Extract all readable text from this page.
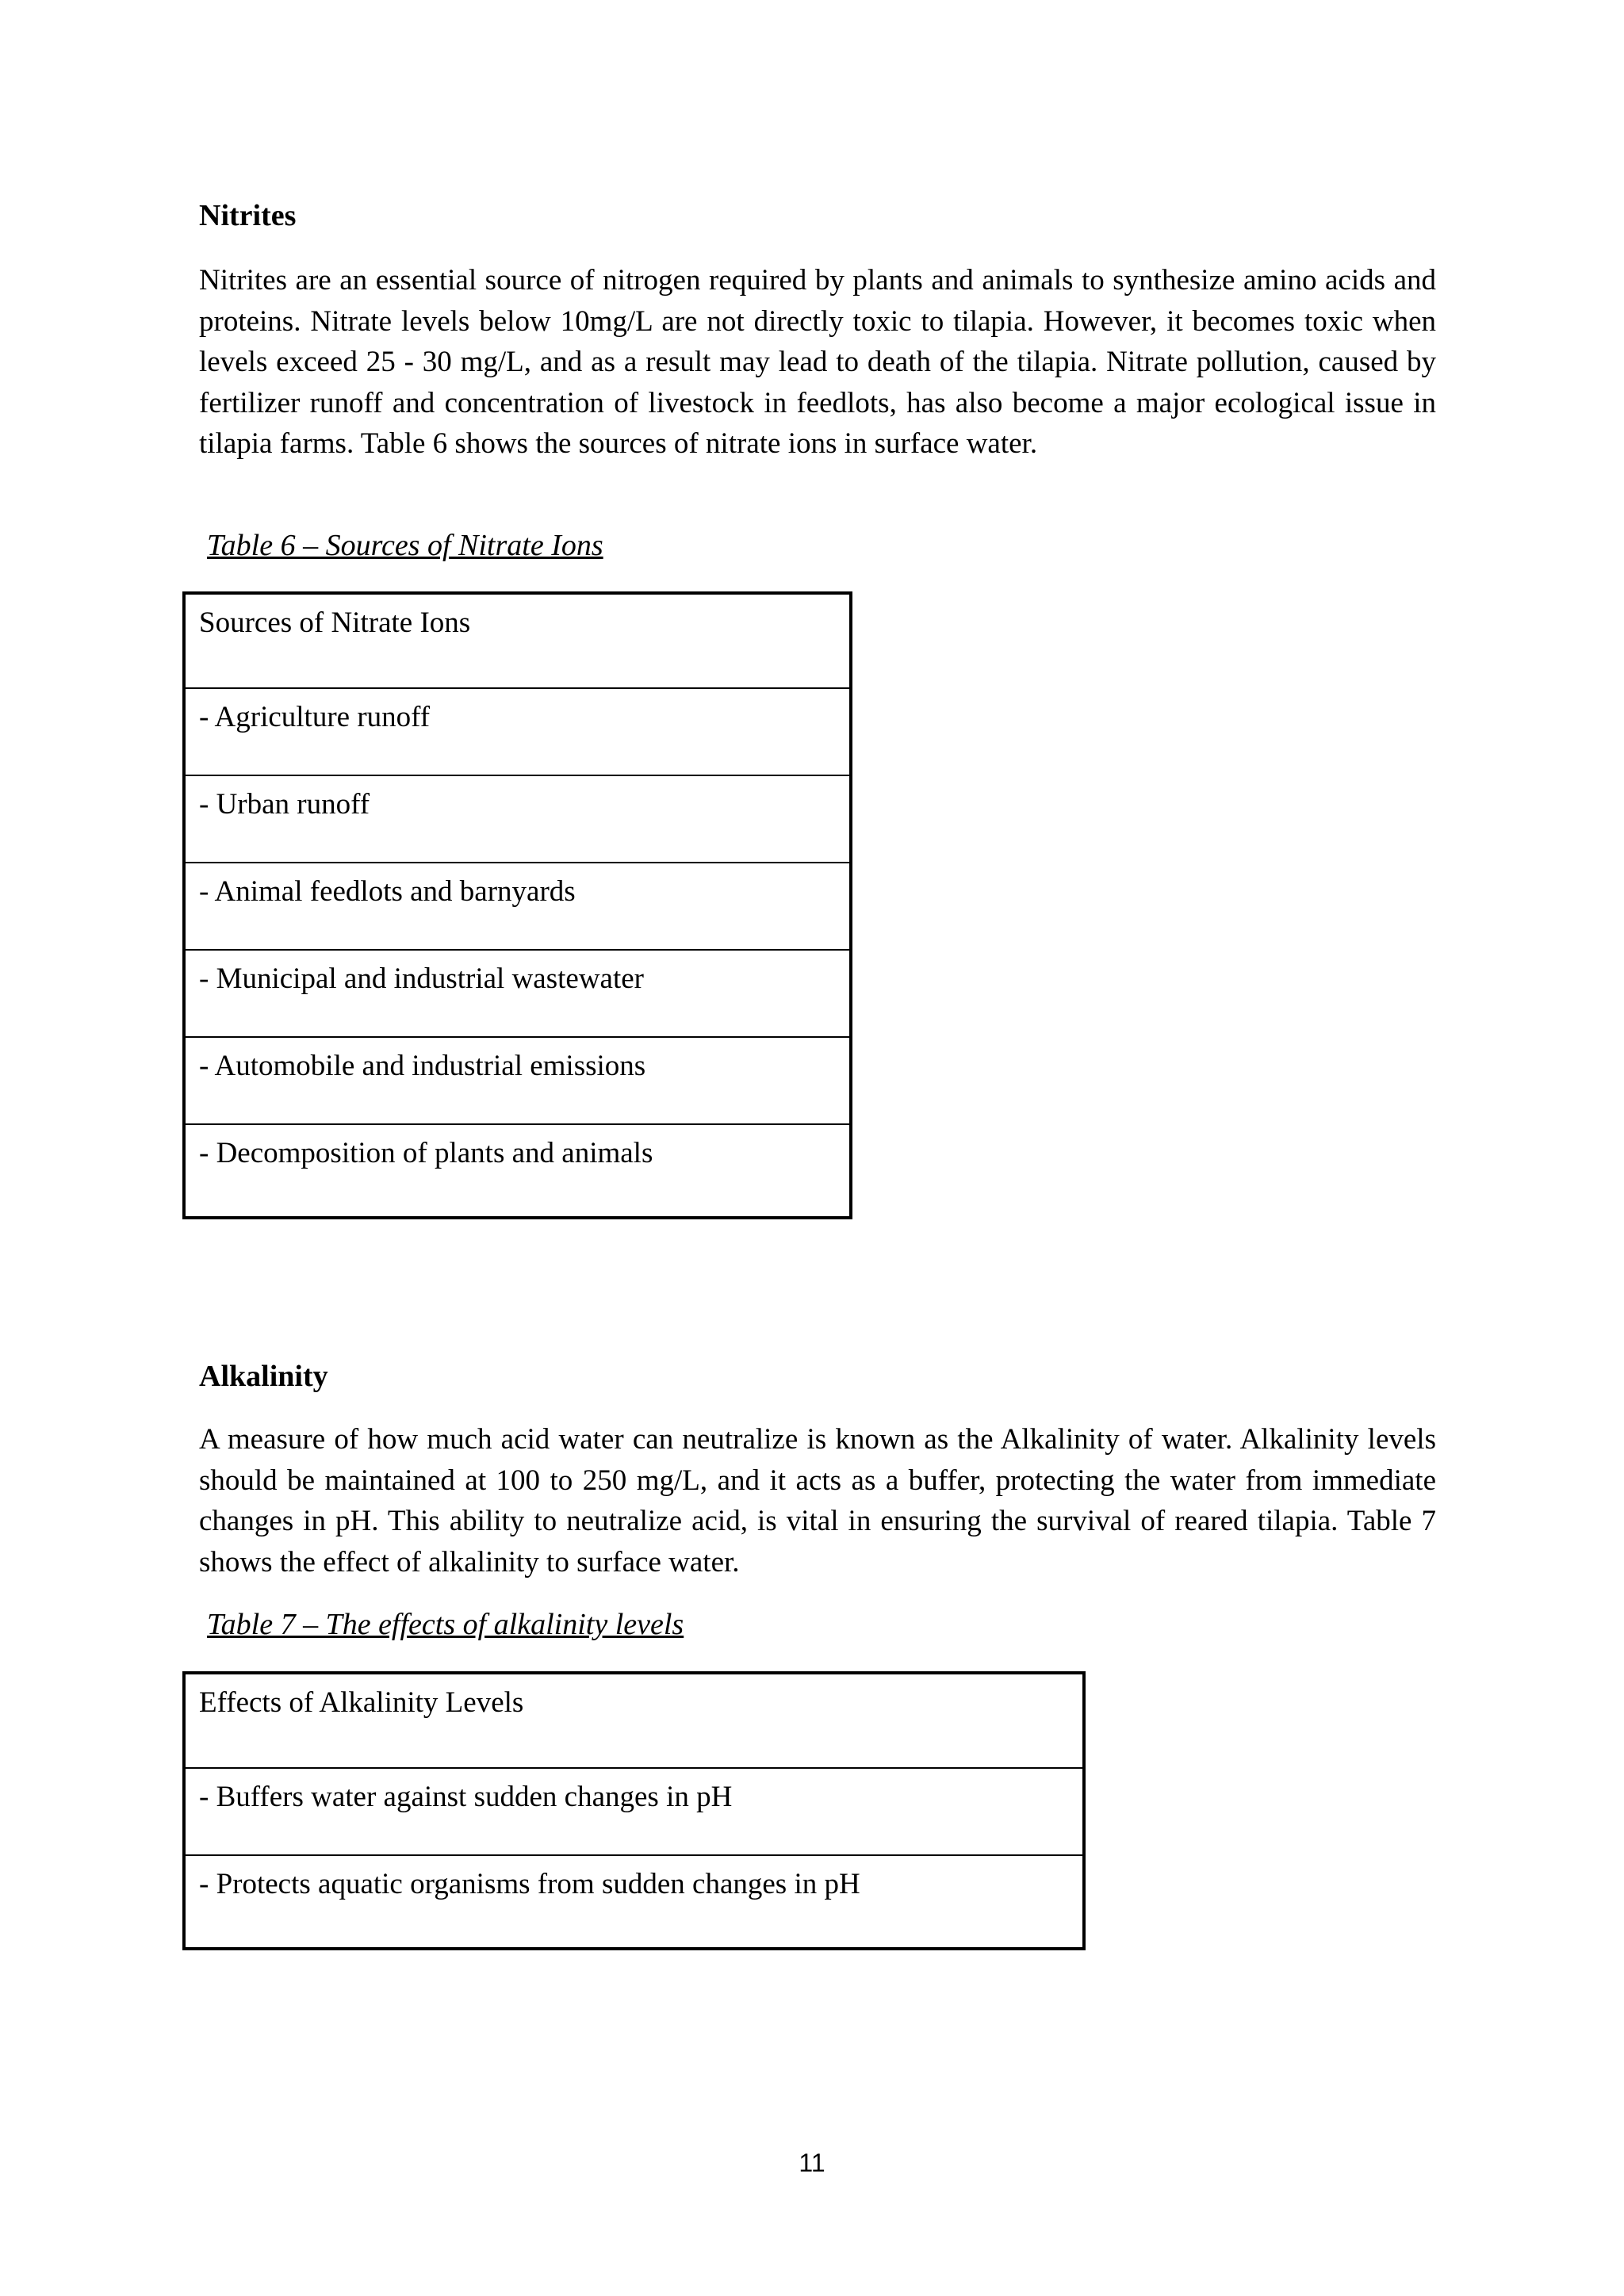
Nitrites
Nitrites are an essential source of nitrogen required by plants and animals to synthesize amino acids and proteins. Nitrate levels below 10mg/L are not directly toxic to tilapia. However, it becomes toxic when levels exceed 25 - 30 mg/L, and as a result may lead to death of the tilapia. Nitrate pollution, caused by fertilizer runoff and concentration of livestock in feedlots, has also become a major ecological issue in tilapia farms. Table 6 shows the sources of nitrate ions in surface water.
Table 6 – Sources of Nitrate Ions
Sources of Nitrate Ions
- Agriculture runoff
- Urban runoff
- Animal feedlots and barnyards
- Municipal and industrial wastewater
- Automobile and industrial emissions
- Decomposition of plants and animals
Alkalinity
A measure of how much acid water can neutralize is known as the Alkalinity of water. Alkalinity levels should be maintained at 100 to 250 mg/L, and it acts as a buffer, protecting the water from immediate changes in pH. This ability to neutralize acid, is vital in ensuring the survival of reared tilapia. Table 7 shows the effect of alkalinity to surface water.
Table 7 – The effects of alkalinity levels
Effects of Alkalinity Levels
- Buffers water against sudden changes in pH
- Protects aquatic organisms from sudden changes in pH
11
